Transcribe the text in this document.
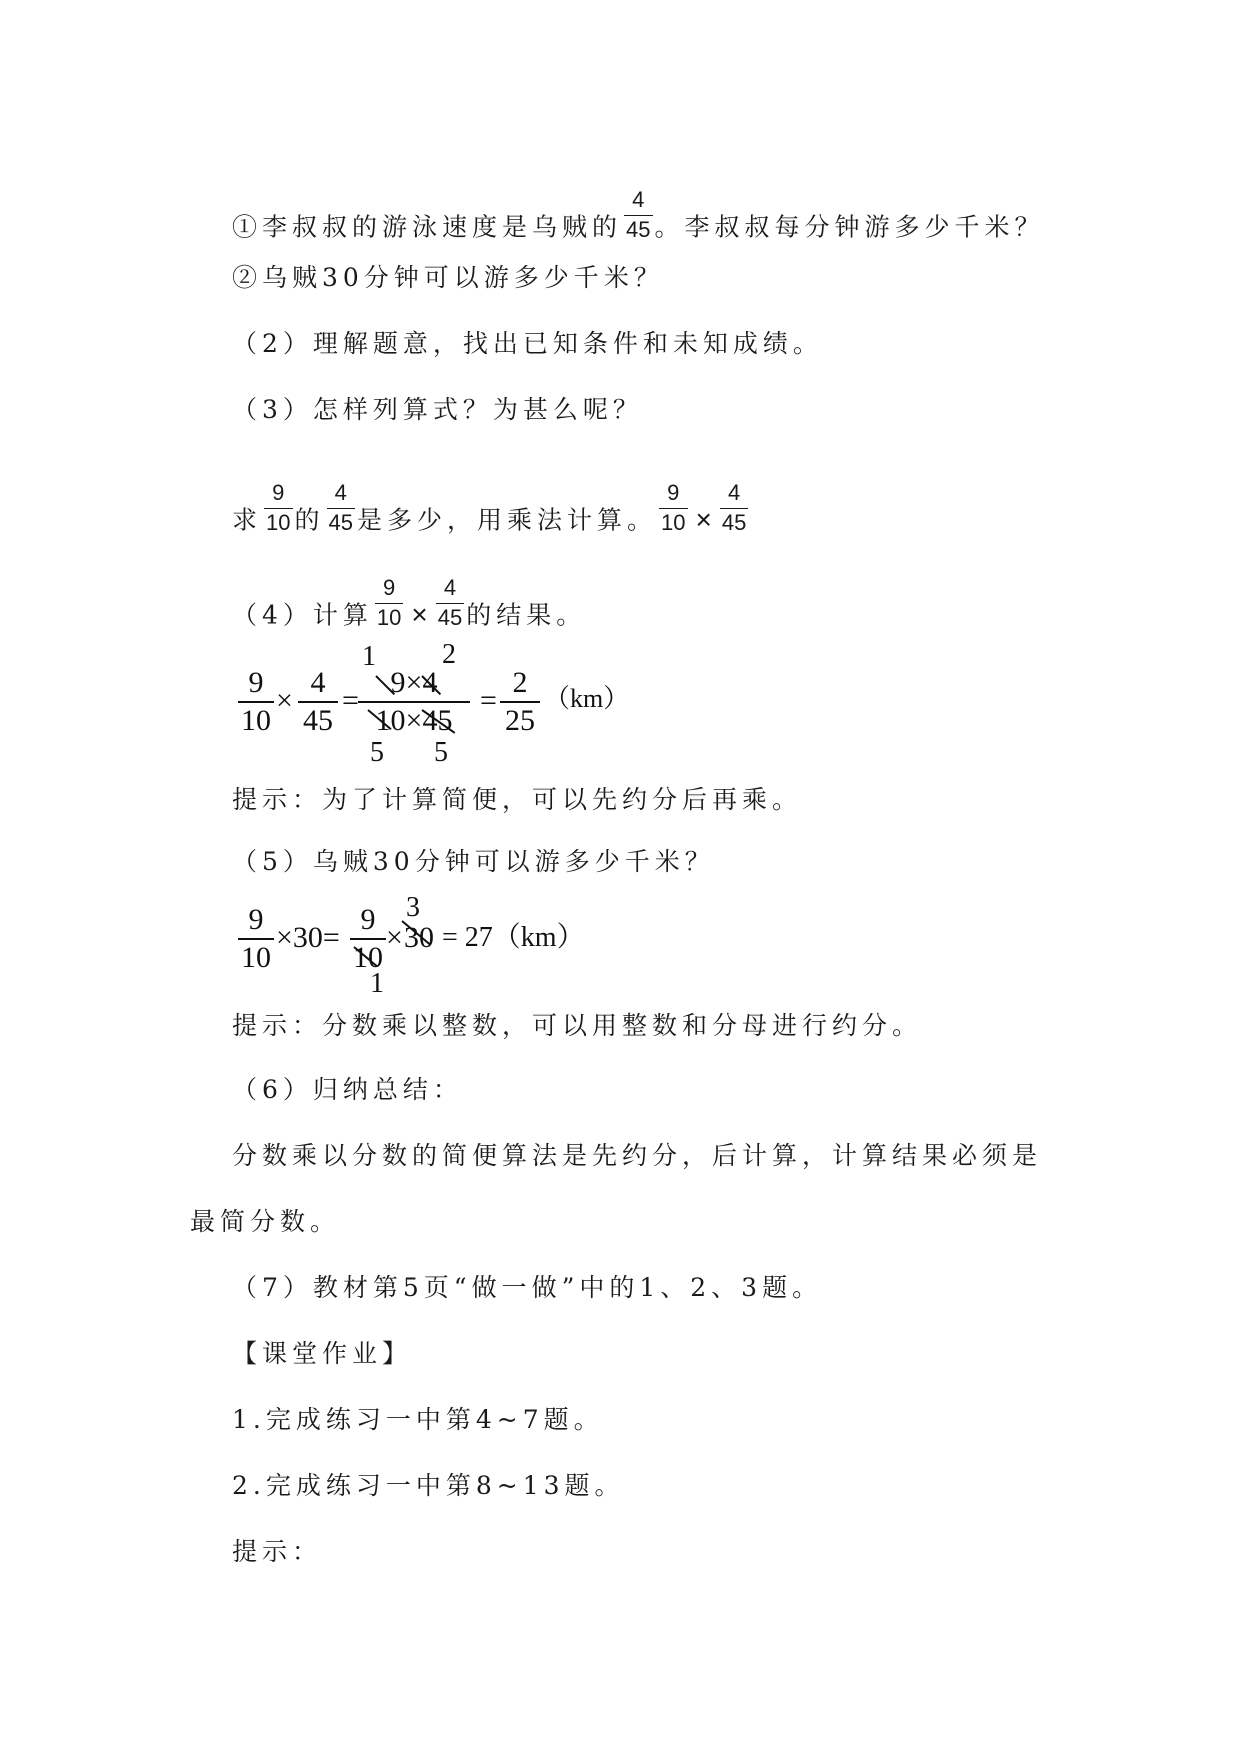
①李叔叔的游泳速度是乌贼的 $\frac{4}{45}$ 。李叔叔每分钟游多少千米？
②乌贼30分钟可以游多少千米？
（2）理解题意，找出已知条件和未知成绩。
（3）怎样列算式？为甚么呢？
求 $\frac{9}{10}$ 的 $\frac{4}{45}$ 是多少，用乘法计算。 $\frac{9}{10} \times \frac{4}{45}$
（4）计算 $\frac{9}{10} \times \frac{4}{45}$ 的结果。
9
10
×
4
45
=
1 2
9×4
10×45
5 5
=
2
25
（km）
提示：为了计算简便，可以先约分后再乘。
（5）乌贼30分钟可以游多少千米？
9
10
×30=
9
10
1
×
3
30 = 27（km）
提示：分数乘以整数，可以用整数和分母进行约分。
（6）归纳总结：
分数乘以分数的简便算法是先约分，后计算，计算结果必须是
最简分数。
（7）教材第5页“做一做”中的1、2、3题。
【课堂作业】
1.完成练习一中第4~7题。
2.完成练习一中第8~13题。
提示：
